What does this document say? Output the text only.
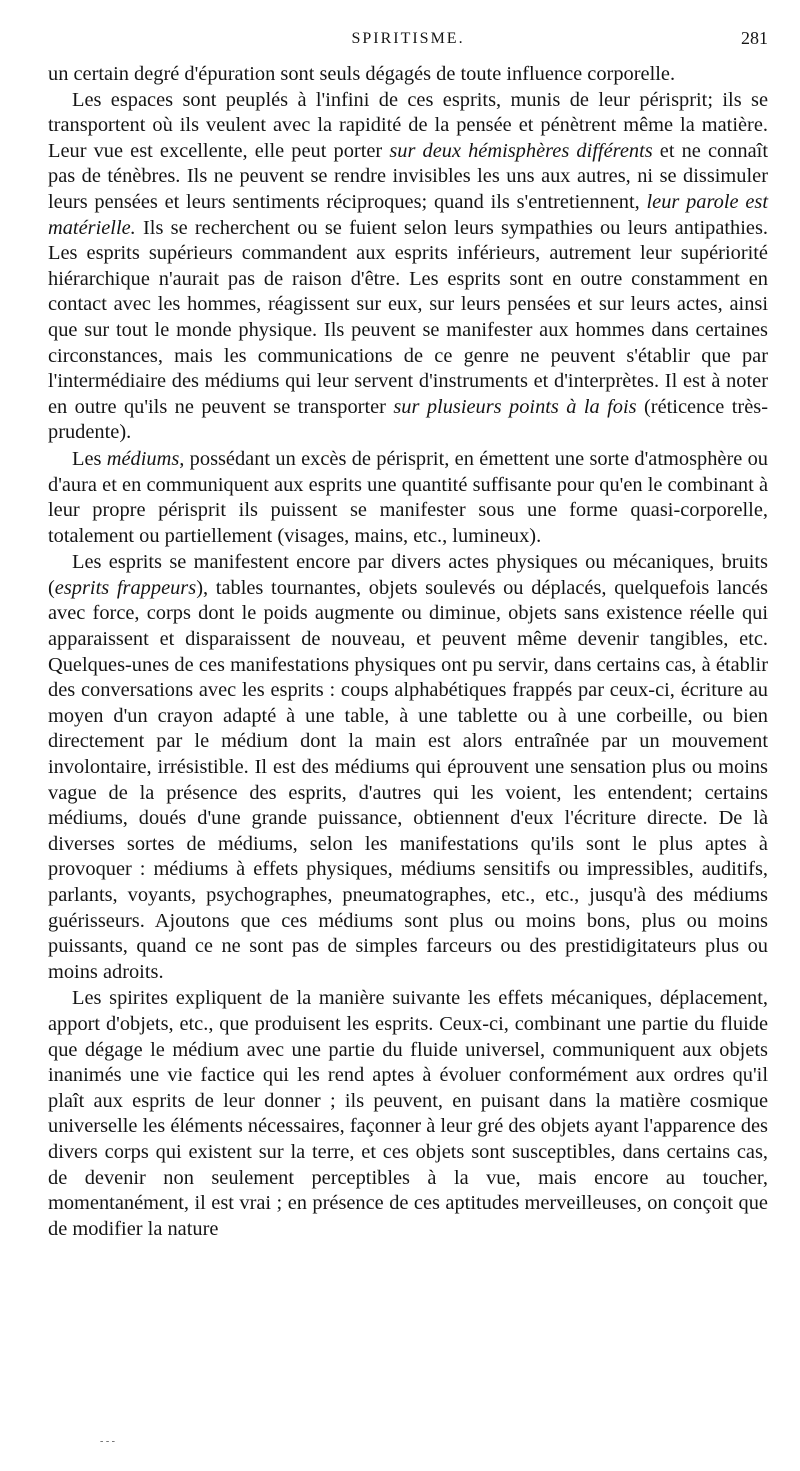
SPIRITISME.	281

un certain degré d'épuration sont seuls dégagés de toute influence corporelle.

Les espaces sont peuplés à l'infini de ces esprits, munis de leur périsprit; ils se transportent où ils veulent avec la rapidité de la pensée et pénètrent même la matière. Leur vue est excellente, elle peut porter sur deux hémisphères différents et ne connaît pas de ténèbres. Ils ne peuvent se rendre invisibles les uns aux autres, ni se dissimuler leurs pensées et leurs sentiments réciproques; quand ils s'entretiennent, leur parole est matérielle. Ils se recherchent ou se fuient selon leurs sympathies ou leurs antipathies. Les esprits supérieurs commandent aux esprits inférieurs, autrement leur supériorité hiérarchique n'aurait pas de raison d'être. Les esprits sont en outre constamment en contact avec les hommes, réagissent sur eux, sur leurs pensées et sur leurs actes, ainsi que sur tout le monde physique. Ils peuvent se manifester aux hommes dans certaines circonstances, mais les communications de ce genre ne peuvent s'établir que par l'intermédiaire des médiums qui leur servent d'instruments et d'interprètes. Il est à noter en outre qu'ils ne peuvent se transporter sur plusieurs points à la fois (réticence très-prudente).

Les médiums, possédant un excès de périsprit, en émettent une sorte d'atmosphère ou d'aura et en communiquent aux esprits une quantité suffisante pour qu'en le combinant à leur propre périsprit ils puissent se manifester sous une forme quasi-corporelle, totalement ou partiellement (visages, mains, etc., lumineux).

Les esprits se manifestent encore par divers actes physiques ou mécaniques, bruits (esprits frappeurs), tables tournantes, objets soulevés ou déplacés, quelquefois lancés avec force, corps dont le poids augmente ou diminue, objets sans existence réelle qui apparaissent et disparaissent de nouveau, et peuvent même devenir tangibles, etc. Quelques-unes de ces manifestations physiques ont pu servir, dans certains cas, à établir des conversations avec les esprits : coups alphabétiques frappés par ceux-ci, écriture au moyen d'un crayon adapté à une table, à une tablette ou à une corbeille, ou bien directement par le médium dont la main est alors entraînée par un mouvement involontaire, irrésistible. Il est des médiums qui éprouvent une sensation plus ou moins vague de la présence des esprits, d'autres qui les voient, les entendent; certains médiums, doués d'une grande puissance, obtiennent d'eux l'écriture directe. De là diverses sortes de médiums, selon les manifestations qu'ils sont le plus aptes à provoquer : médiums à effets physiques, médiums sensitifs ou impressibles, auditifs, parlants, voyants, psychographes, pneumatographes, etc., etc., jusqu'à des médiums guérisseurs. Ajoutons que ces médiums sont plus ou moins bons, plus ou moins puissants, quand ce ne sont pas de simples farceurs ou des prestidigitateurs plus ou moins adroits.

Les spirites expliquent de la manière suivante les effets mécaniques, déplacement, apport d'objets, etc., que produisent les esprits. Ceux-ci, combinant une partie du fluide que dégage le médium avec une partie du fluide universel, communiquent aux objets inanimés une vie factice qui les rend aptes à évoluer conformément aux ordres qu'il plaît aux esprits de leur donner ; ils peuvent, en puisant dans la matière cosmique universelle les éléments nécessaires, façonner à leur gré des objets ayant l'apparence des divers corps qui existent sur la terre, et ces objets sont susceptibles, dans certains cas, de devenir non seulement perceptibles à la vue, mais encore au toucher, momentanément, il est vrai ; en présence de ces aptitudes merveilleuses, on conçoit que de modifier la nature

- - -
